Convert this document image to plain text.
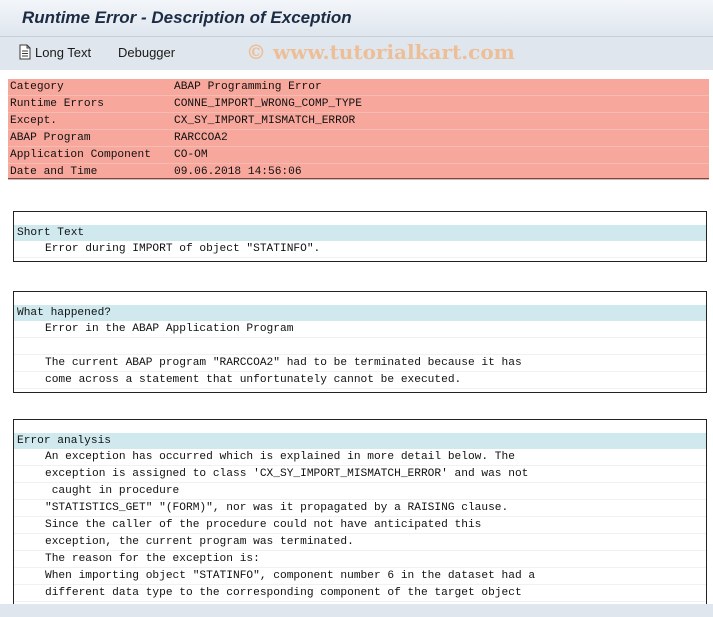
Runtime Error - Description of Exception
Long Text Debugger	© www.tutorialkart.com
Category	ABAP Programming Error
Runtime Errors	CONNE_IMPORT_WRONG_COMP_TYPE
Except.	CX_SY_IMPORT_MISMATCH_ERROR
ABAP Program	RARCCOA2
Application Component	CO-OM
Date and Time	09.06.2018 14:56:06
Short Text
Error during IMPORT of object "STATINFO".
What happened?
Error in the ABAP Application Program
The current ABAP program "RARCCOA2" had to be terminated because it has
come across a statement that unfortunately cannot be executed.
Error analysis
An exception has occurred which is explained in more detail below. The
exception is assigned to class 'CX_SY_IMPORT_MISMATCH_ERROR' and was not
caught in procedure
"STATISTICS_GET" "(FORM)", nor was it propagated by a RAISING clause.
Since the caller of the procedure could not have anticipated this
exception, the current program was terminated.
The reason for the exception is:
When importing object "STATINFO", component number 6 in the dataset had a
different data type to the corresponding component of the target object
